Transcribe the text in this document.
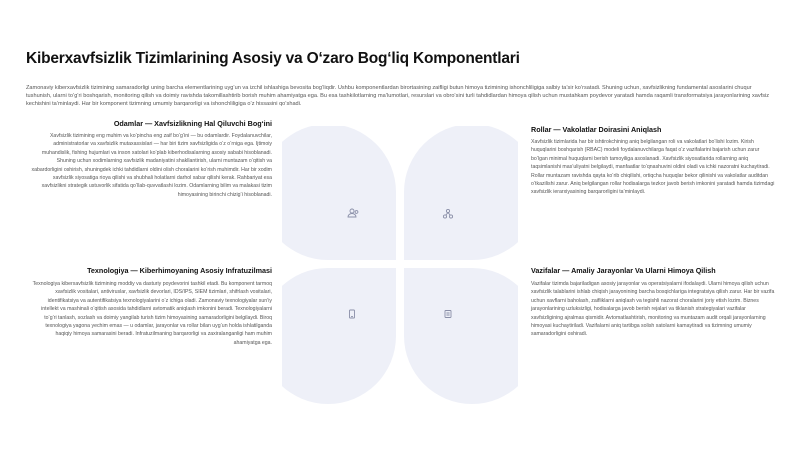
Kiberxavfsizlik Tizimlarining Asosiy va O‘zaro Bog‘liq Komponentlari
Zamonaviy kiberxavfsizlik tizimining samaradorligi uning barcha elementlarining uyg‘un va izchil ishlashiga bevosita bog‘liqdir. Ushbu komponentlardan birortasining zaifligi butun himoya tizimining ishonchliligiga salbiy ta’sir ko‘rsatadi. Shuning uchun, xavfsizlikning fundamental asoslarini chuqur tushunish, ularni to‘g‘ri boshqarish, monitoring qilish va doimiy ravishda takomillashtirib borish muhim ahamiyatga ega. Bu esa tashkilotlarning ma’lumotlari, resurslari va obro‘sini turli tahdidlardan himoya qilish uchun mustahkam poydevor yaratadi hamda raqamli transformatsiya jarayonlarining xavfsiz kechishini ta’minlaydi. Har bir komponent tizimning umumiy barqarorligi va ishonchliligiga o‘z hissasini qo‘shadi.
Odamlar — Xavfsizlikning Hal Qiluvchi Bog‘ini
Xavfsizlik tizimining eng muhim va ko‘pincha eng zaif bo‘g‘ini — bu odamlardir. Foydalanuvchilar, administratorlar va xavfsizlik mutaxassislari — har biri tizim xavfsizligida o‘z o‘rniga ega. Ijtimoiy muhandislik, fishing hujumlari va inson xatolari ko‘plab kiberhodisalarning asosiy sababi hisoblanadi. Shuning uchun xodimlarning xavfsizlik madaniyatini shakllantirish, ularni muntazam o‘qitish va xabardorligini oshirish, shuningdek ichki tahdidlarni oldini olish choralarini ko‘rish muhimdir. Har bir xodim xavfsizlik siyosatiga rioya qilishi va shubhali holatlarni darhol xabar qilishi kerak. Rahbariyat esa xavfsizlikni strategik ustuvorlik sifatida qo‘llab-quvvatlashi lozim. Odamlarning bilim va malakasi tizim himoyasining birinchi chizig‘i hisoblanadi.
Rollar — Vakolatlar Doirasini Aniqlash
Xavfsizlik tizimlarida har bir ishtirokchining aniq belgilangan roli va vakolatlari bo‘lishi lozim. Kirish huquqlarini boshqarish (RBAC) modeli foydalanuvchilarga faqat o‘z vazifalarini bajarish uchun zarur bo‘lgan minimal huquqlarni berish tamoyiliga asoslanadi. Xavfsizlik siyosatlarida rollarning aniq taqsimlanishi mas’uliyatni belgilaydi, manfaatlar to‘qnashuvini oldini oladi va ichki nazoratni kuchaytiradi. Rollar muntazam ravishda qayta ko‘rib chiqilishi, ortiqcha huquqlar bekor qilinishi va vakolatlar auditdan o‘tkazilishi zarur. Aniq belgilangan rollar hodisalarga tezkor javob berish imkonini yaratadi hamda tizimdagi xavfsizlik ierarxiyasining barqarorligini ta’minlaydi.
Texnologiya — Kiberhimoyaning Asosiy Infratuzilmasi
Texnologiya kiberxavfsizlik tizimining moddiy va dasturiy poydevorini tashkil etadi. Bu komponent tarmoq xavfsizlik vositalari, antiviruslar, xavfsizlik devorlari, IDS/IPS, SIEM tizimlari, shifrlash vositalari, identifikatsiya va autentifikatsiya texnologiyalarini o‘z ichiga oladi. Zamonaviy texnologiyalar sun’iy intellekt va mashinali o‘qitish asosida tahdidlarni avtomatik aniqlash imkonini beradi. Texnologiyalarni to‘g‘ri tanlash, sozlash va doimiy yangilab turish tizim himoyasining samaradorligini belgilaydi. Biroq texnologiya yagona yechim emas — u odamlar, jarayonlar va rollar bilan uyg‘un holda ishlatilganda haqiqiy himoya samarasini beradi. Infratuzilmaning barqarorligi va zaxiralanganligi ham muhim ahamiyatga ega.
Vazifalar — Amaliy Jarayonlar Va Ularni Himoya Qilish
Vazifalar tizimda bajariladigan asosiy jarayonlar va operatsiyalarni ifodalaydi. Ularni himoya qilish uchun xavfsizlik talablarini ishlab chiqish jarayonining barcha bosqichlariga integratsiya qilish zarur. Har bir vazifa uchun xavflarni baholash, zaifliklarni aniqlash va tegishli nazorat choralarini joriy etish lozim. Biznes jarayonlarining uzluksizligi, hodisalarga javob berish rejalari va tiklanish strategiyalari vazifalar xavfsizligining ajralmas qismidir. Avtomatlashtirish, monitoring va muntazam audit orqali jarayonlarning himoyasi kuchaytiriladi. Vazifalarni aniq tartibga solish xatolarni kamaytiradi va tizimning umumiy samaradorligini oshiradi.
